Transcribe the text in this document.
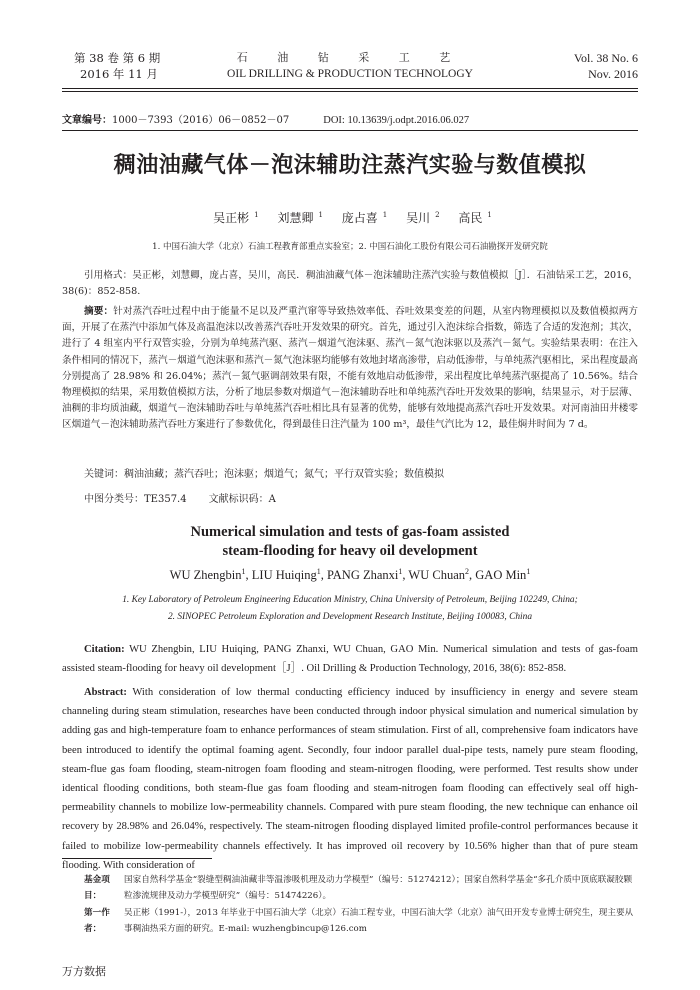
第 38 卷 第 6 期
2016 年 11 月
石 油 钻 采 工 艺
OIL DRILLING & PRODUCTION TECHNOLOGY
Vol. 38 No. 6
Nov. 2016
文章编号：1000－7393（2016）06－0852－07	DOI: 10.13639/j.odpt.2016.06.027
稠油油藏气体－泡沫辅助注蒸汽实验与数值模拟
吴正彬 $^1$ 刘慧卿 $^1$ 庞占喜 $^1$ 吴川 $^2$ 高民 $^1$
1. 中国石油大学（北京）石油工程教育部重点实验室；2. 中国石油化工股份有限公司石油勘探开发研究院
引用格式：吴正彬，刘慧卿，庞占喜，吴川，高民．稠油油藏气体－泡沫辅助注蒸汽实验与数值模拟［J］．石油钻采工艺，2016，38(6)：852-858.
摘要：针对蒸汽吞吐过程中由于能量不足以及严重汽窜等导致热效率低、吞吐效果变差的问题，从室内物理模拟以及数值模拟两方面，开展了在蒸汽中添加气体及高温泡沫以改善蒸汽吞吐开发效果的研究。首先，通过引入泡沫综合指数，筛选了合适的发泡剂；其次，进行了 4 组室内平行双管实验，分别为单纯蒸汽驱、蒸汽－烟道气泡沫驱、蒸汽－氮气泡沫驱以及蒸汽－氮气。实验结果表明：在注入条件相同的情况下，蒸汽－烟道气泡沫驱和蒸汽－氮气泡沫驱均能够有效地封堵高渗带，启动低渗带，与单纯蒸汽驱相比，采出程度最高分别提高了 28.98% 和 26.04%；蒸汽－氮气驱调剖效果有限，不能有效地启动低渗带，采出程度比单纯蒸汽驱提高了 10.56%。结合物理模拟的结果，采用数值模拟方法，分析了地层参数对烟道气－泡沫辅助吞吐和单纯蒸汽吞吐开发效果的影响，结果显示，对于层薄、油稠的非均质油藏，烟道气－泡沫辅助吞吐与单纯蒸汽吞吐相比具有显著的优势，能够有效地提高蒸汽吞吐开发效果。对河南油田井楼零区烟道气－泡沫辅助蒸汽吞吐方案进行了参数优化，得到最佳日注汽量为 100 m³，最佳气汽比为 12，最佳焖井时间为 7 d。
关键词：稠油油藏；蒸汽吞吐；泡沫驱；烟道气；氮气；平行双管实验；数值模拟
中图分类号：TE357.4 文献标识码：A
Numerical simulation and tests of gas-foam assisted
steam-flooding for heavy oil development
WU Zhengbin$^1$, LIU Huiqing$^1$, PANG Zhanxi$^1$, WU Chuan$^2$, GAO Min$^1$
1. Key Laboratory of Petroleum Engineering Education Ministry, China University of Petroleum, Beijing 102249, China;
2. SINOPEC Petroleum Exploration and Development Research Institute, Beijing 100083, China
Citation: WU Zhengbin, LIU Huiqing, PANG Zhanxi, WU Chuan, GAO Min. Numerical simulation and tests of gas-foam assisted steam-flooding for heavy oil development［J］. Oil Drilling & Production Technology, 2016, 38(6): 852-858.
Abstract: With consideration of low thermal conducting efficiency induced by insufficiency in energy and severe steam channeling during steam stimulation, researches have been conducted through indoor physical simulation and numerical simulation by adding gas and high-temperature foam to enhance performances of steam stimulation. First of all, comprehensive foam indicators have been introduced to identify the optimal foaming agent. Secondly, four indoor parallel dual-pipe tests, namely pure steam flooding, steam-flue gas foam flooding, steam-nitrogen foam flooding and steam-nitrogen flooding, were performed. Test results show under identical flooding conditions, both steam-flue gas foam flooding and steam-nitrogen foam flooding can effectively seal off high-permeability channels to mobilize low-permeability channels. Compared with pure steam flooding, the new technique can enhance oil recovery by 28.98% and 26.04%, respectively. The steam-nitrogen flooding displayed limited profile-control performances because it failed to mobilize low-permeability channels effectively. It has improved oil recovery by 10.56% higher than that of pure steam flooding. With consideration of
基金项目：
国家自然科学基金“裂缝型稠油油藏非等温渗吸机理及动力学模型”（编号：51274212）；国家自然科学基金“多孔介质中顶底联凝胶颗粒渗流规律及动力学模型研究”（编号：51474226）。
第一作者：
吴正彬（1991-），2013 年毕业于中国石油大学（北京）石油工程专业，中国石油大学（北京）油气田开发专业博士研究生，现主要从事稠油热采方面的研究。E-mail: wuzhengbincup@126.com
万方数据
